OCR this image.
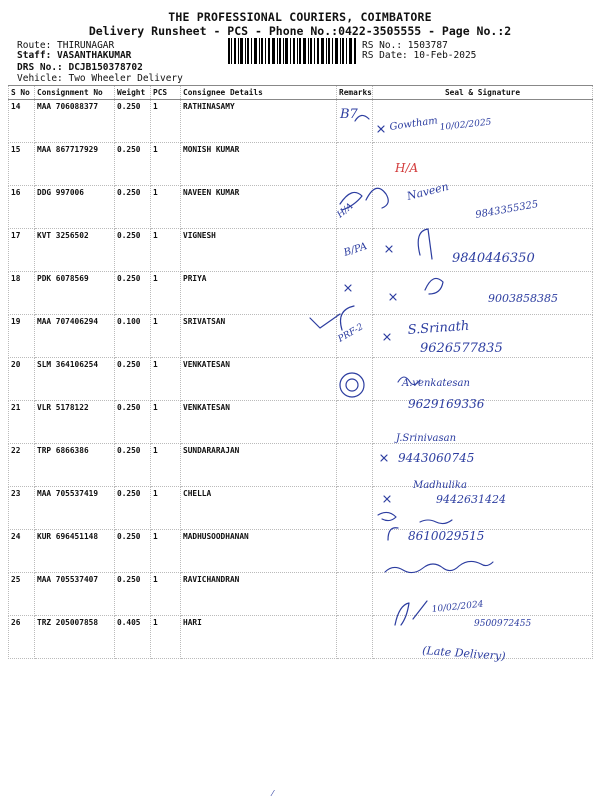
THE PROFESSIONAL COURIERS, COIMBATORE
Delivery Runsheet - PCS - Phone No.:0422-3505555 - Page No.:2
Route: THIRUNAGAR
Staff: VASANTHAKUMAR
DRS No.: DCJB150378702
Vehicle: Two Wheeler Delivery
RS No.: 1503787
RS Date: 10-Feb-2025
S No	Consignment No	Weight	PCS	Consignee Details	Remarks	Seal & Signature
14	MAA 706088377	0.250	1	RATHINASAMY		
15	MAA 867717929	0.250	1	MONISH KUMAR		
16	DDG 997006	0.250	1	NAVEEN KUMAR		
17	KVT 3256502	0.250	1	VIGNESH		
18	PDK 6078569	0.250	1	PRIYA		
19	MAA 707406294	0.100	1	SRIVATSAN		
20	SLM 364106254	0.250	1	VENKATESAN		
21	VLR 5178122	0.250	1	VENKATESAN		
22	TRP 6866386	0.250	1	SUNDARARAJAN		
23	MAA 705537419	0.250	1	CHELLA		
24	KUR 696451148	0.250	1	MADHUSOODHANAN		
25	MAA 705537407	0.250	1	RAVICHANDRAN		
26	TRZ 205007858	0.405	1	HARI		
B7
Gowtham 10/02/2025
H/A
H/A
Naveen
9843355325
B/PA	9840446350
9003858385
PRF-2	S.Srinath
9626577835
A.venkatesan
9629169336
J.Srinivasan
9443060745
Madhulika
9442631424
8610029515
10/02/2024
9500972455
(Late Delivery)
⁄
